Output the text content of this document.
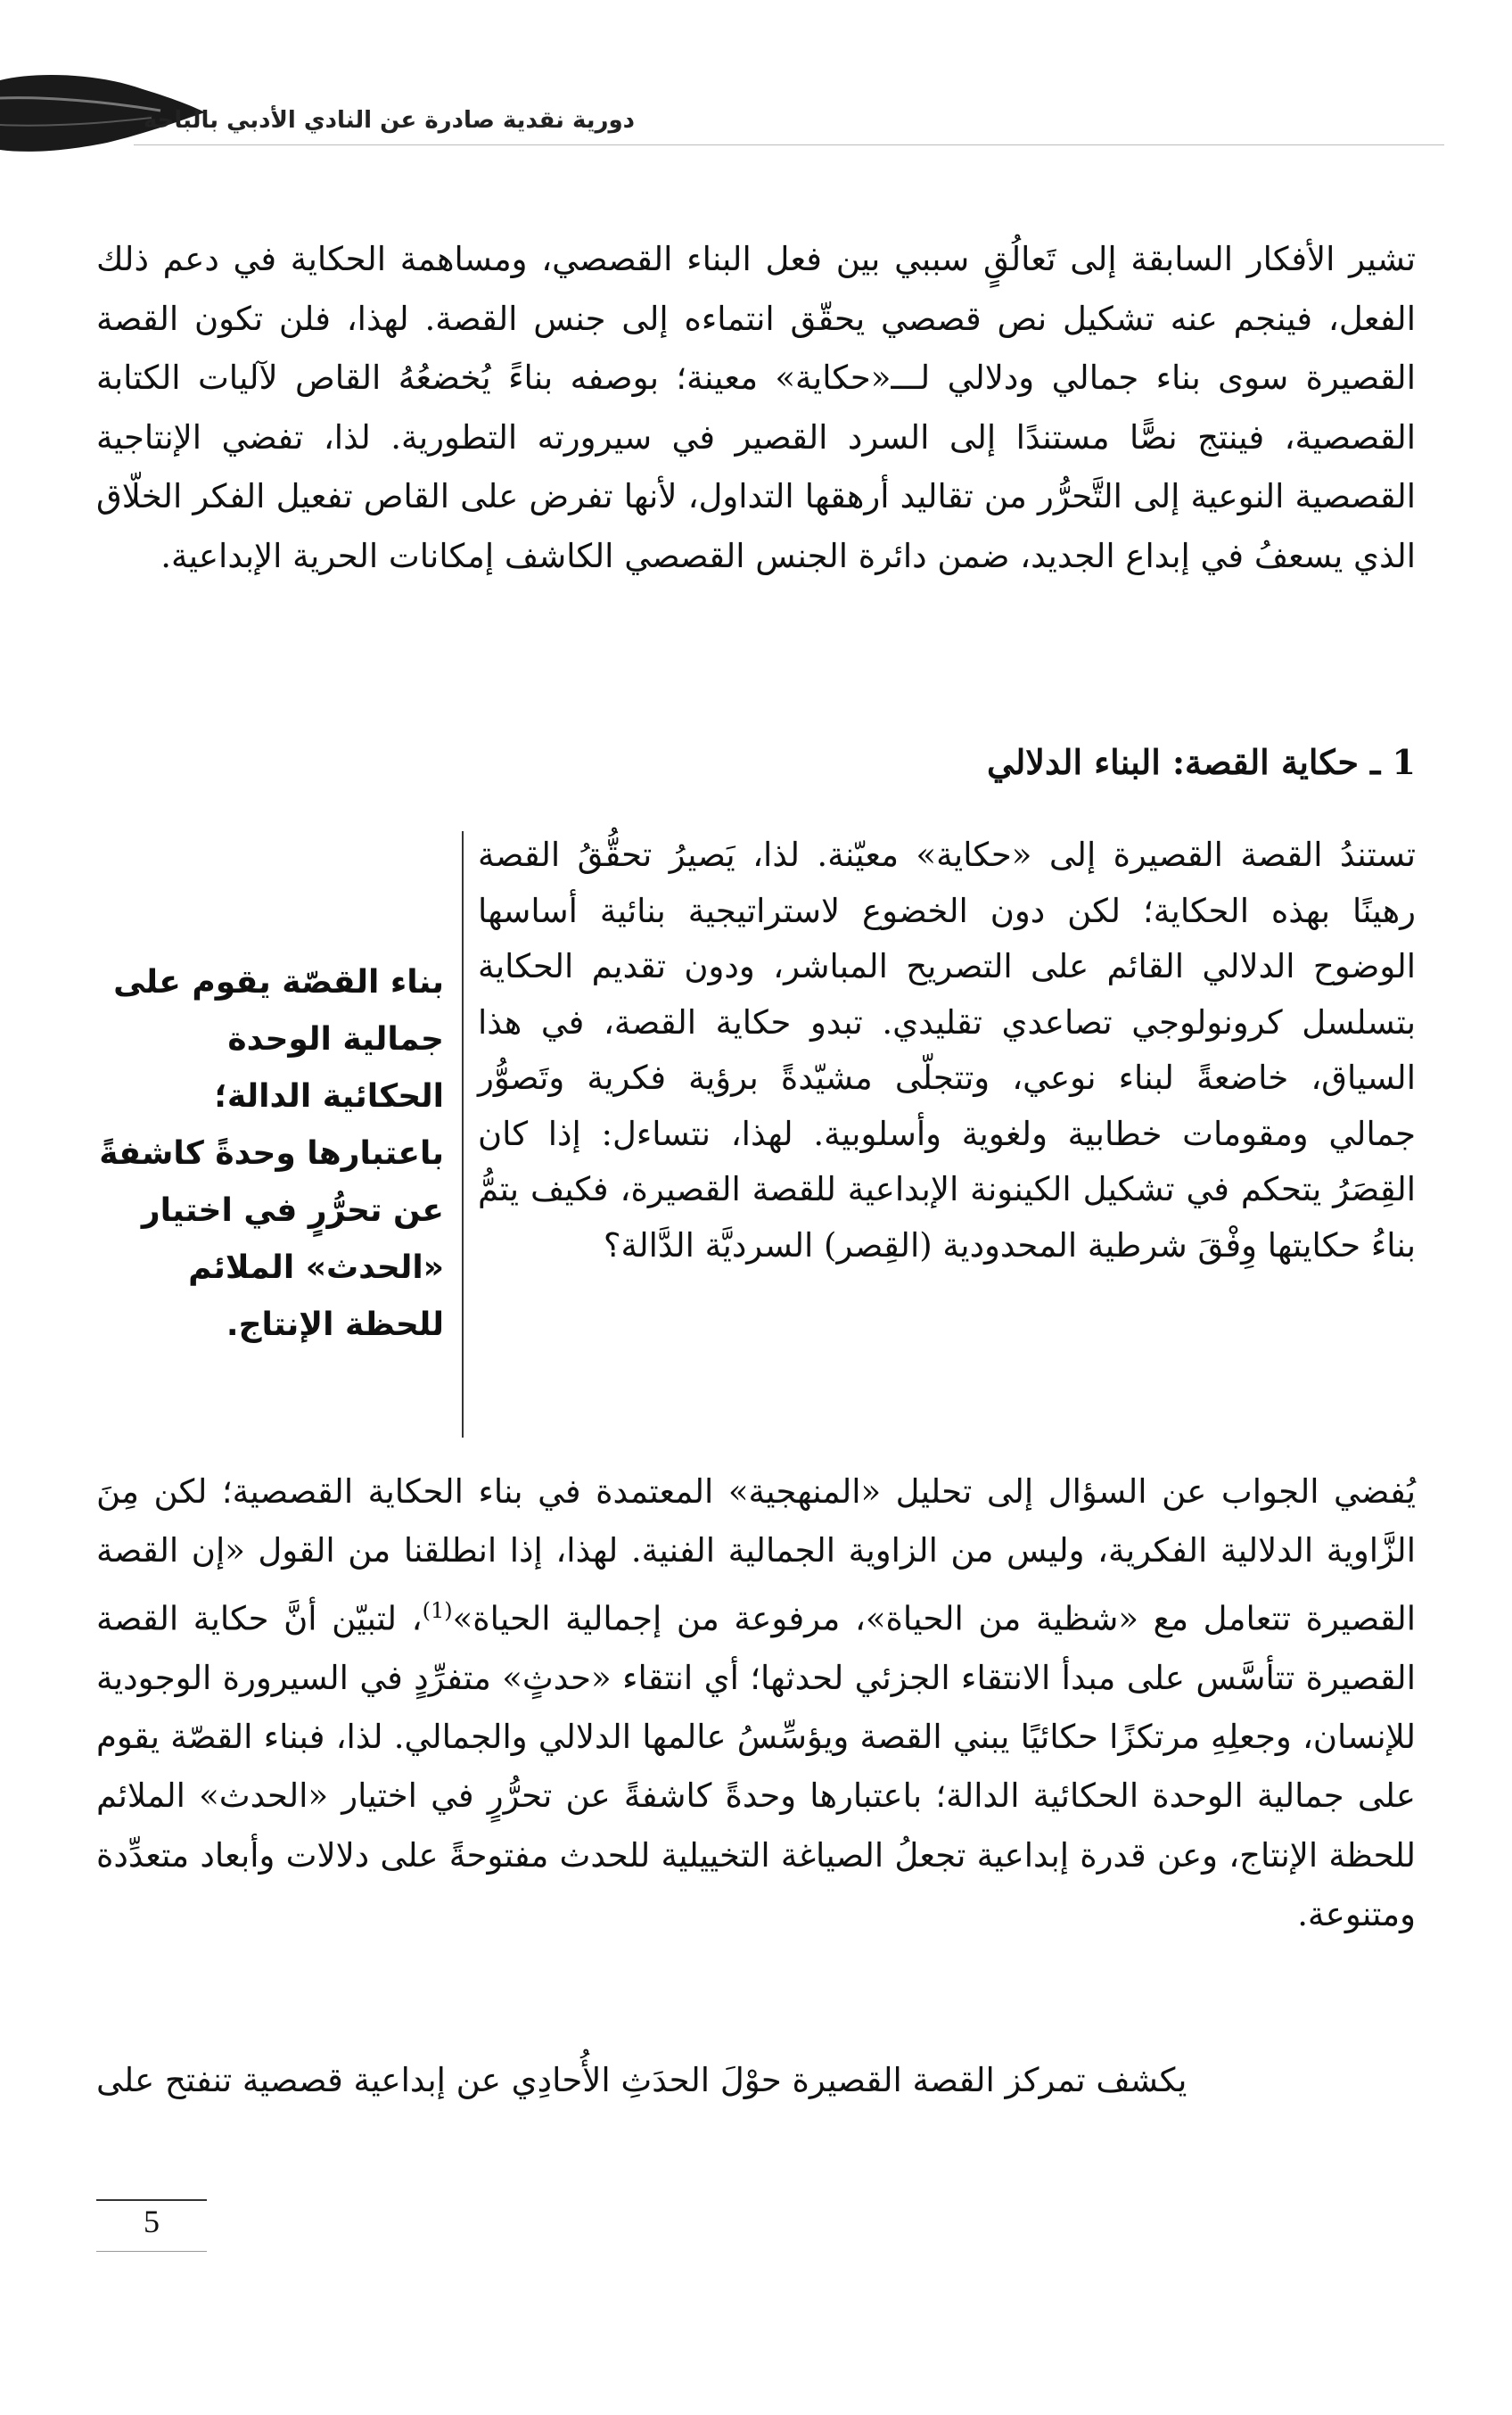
دورية نقدية صادرة عن النادي الأدبي بالباحة

تشير الأفكار السابقة إلى تَعالُقٍ سببي بين فعل البناء القصصي، ومساهمة الحكاية في دعم ذلك الفعل، فينجم عنه تشكيل نص قصصي يحقّق انتماءه إلى جنس القصة. لهذا، فلن تكون القصة القصيرة سوى بناء جمالي ودلالي لـــ«حكاية» معينة؛ بوصفه بناءً يُخضعُهُ القاص لآليات الكتابة القصصية، فينتج نصًّا مستندًا إلى السرد القصير في سيرورته التطورية. لذا، تفضي الإنتاجية القصصية النوعية إلى التَّحرُّر من تقاليد أرهقها التداول، لأنها تفرض على القاص تفعيل الفكر الخلّاق الذي يسعفُ في إبداع الجديد، ضمن دائرة الجنس القصصي الكاشف إمكانات الحرية الإبداعية.

1 ـ حكاية القصة: البناء الدلالي

تستندُ القصة القصيرة إلى «حكاية» معيّنة. لذا، يَصيرُ تحقُّقُ القصة رهينًا بهذه الحكاية؛ لكن دون الخضوع لاستراتيجية بنائية أساسها الوضوح الدلالي القائم على التصريح المباشر، ودون تقديم الحكاية بتسلسل كرونولوجي تصاعدي تقليدي. تبدو حكاية القصة، في هذا السياق، خاضعةً لبناء نوعي، وتتجلّى مشيّدةً برؤية فكرية وتَصوُّر جمالي ومقومات خطابية ولغوية وأسلوبية. لهذا، نتساءل: إذا كان القِصَرُ يتحكم في تشكيل الكينونة الإبداعية للقصة القصيرة، فكيف يتمُّ بناءُ حكايتها وِفْقَ شرطية المحدودية (القِصر) السرديَّة الدَّالة؟

بناء القصّة يقوم على جمالية الوحدة الحكائية الدالة؛ باعتبارها وحدةً كاشفةً عن تحرُّرٍ في اختيار «الحدث» الملائم للحظة الإنتاج.

يُفضي الجواب عن السؤال إلى تحليل «المنهجية» المعتمدة في بناء الحكاية القصصية؛ لكن مِنَ الزَّاوية الدلالية الفكرية، وليس من الزاوية الجمالية الفنية. لهذا، إذا انطلقنا من القول «إن القصة القصيرة تتعامل مع «شظية من الحياة»، مرفوعة من إجمالية الحياة»$^{(1)}$، لتبيّن أنَّ حكاية القصة القصيرة تتأسَّس على مبدأ الانتقاء الجزئي لحدثها؛ أي انتقاء «حدثٍ» متفرِّدٍ في السيرورة الوجودية للإنسان، وجعلِهِ مرتكزًا حكائيًا يبني القصة ويؤسِّسُ عالمها الدلالي والجمالي. لذا، فبناء القصّة يقوم على جمالية الوحدة الحكائية الدالة؛ باعتبارها وحدةً كاشفةً عن تحرُّرٍ في اختيار «الحدث» الملائم للحظة الإنتاج، وعن قدرة إبداعية تجعلُ الصياغة التخييلية للحدث مفتوحةً على دلالات وأبعاد متعدِّدة ومتنوعة.

يكشف تمركز القصة القصيرة حوْلَ الحدَثِ الأُحادِي عن إبداعية قصصية تنفتح على

5
